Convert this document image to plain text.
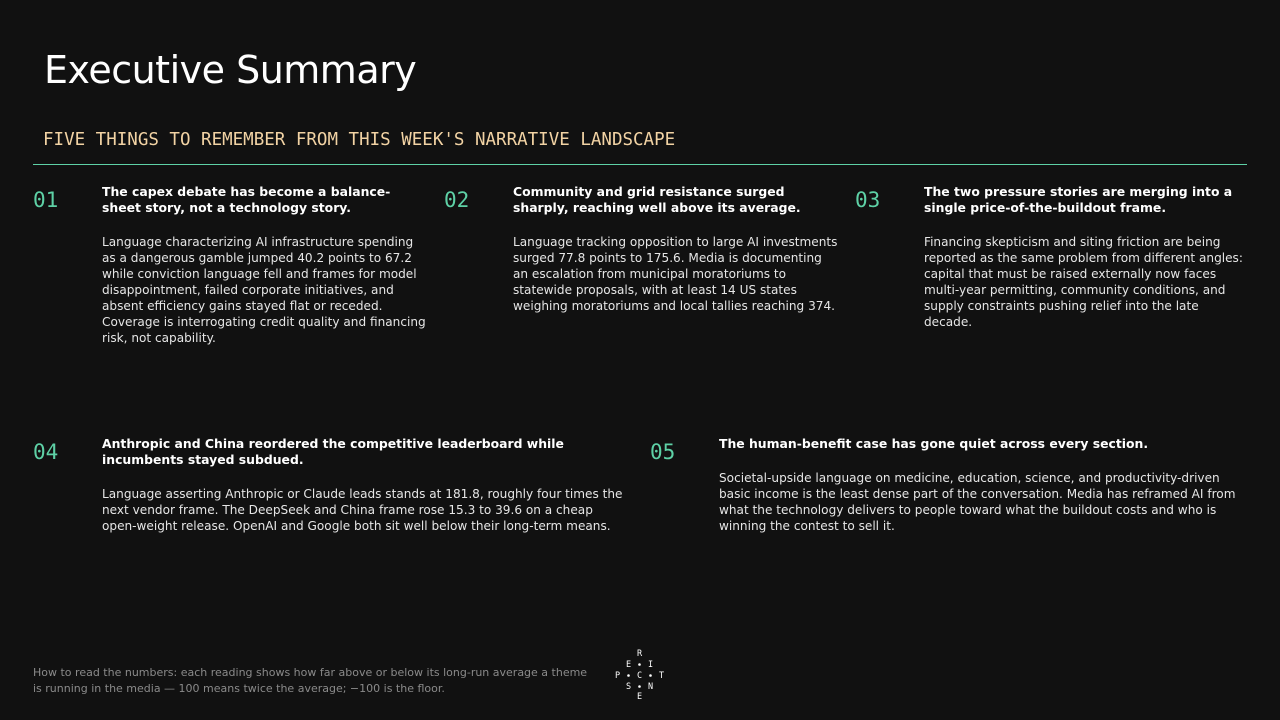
Executive Summary
FIVE THINGS TO REMEMBER FROM THIS WEEK'S NARRATIVE LANDSCAPE
01	The capex debate has become a balance-sheet story, not a technology story.
Language characterizing AI infrastructure spending as a dangerous gamble jumped 40.2 points to 67.2 while conviction language fell and frames for model disappointment, failed corporate initiatives, and absent efficiency gains stayed flat or receded. Coverage is interrogating credit quality and financing risk, not capability.
02	Community and grid resistance surged sharply, reaching well above its average.
Language tracking opposition to large AI investments surged 77.8 points to 175.6. Media is documenting an escalation from municipal moratoriums to statewide proposals, with at least 14 US states weighing moratoriums and local tallies reaching 374.
03	The two pressure stories are merging into a single price-of-the-buildout frame.
Financing skepticism and siting friction are being reported as the same problem from different angles: capital that must be raised externally now faces multi-year permitting, community conditions, and supply constraints pushing relief into the late decade.
04	Anthropic and China reordered the competitive leaderboard while incumbents stayed subdued.
Language asserting Anthropic or Claude leads stands at 181.8, roughly four times the next vendor frame. The DeepSeek and China frame rose 15.3 to 39.6 on a cheap open-weight release. OpenAI and Google both sit well below their long-term means.
05	The human-benefit case has gone quiet across every section.
Societal-upside language on medicine, education, science, and productivity-driven basic income is the least dense part of the conversation. Media has reframed AI from what the technology delivers to people toward what the buildout costs and who is winning the contest to sell it.
How to read the numbers: each reading shows how far above or below its long-run average a theme is running in the media — 100 means twice the average; −100 is the floor.
R
E I
C
P	T
S N
E
